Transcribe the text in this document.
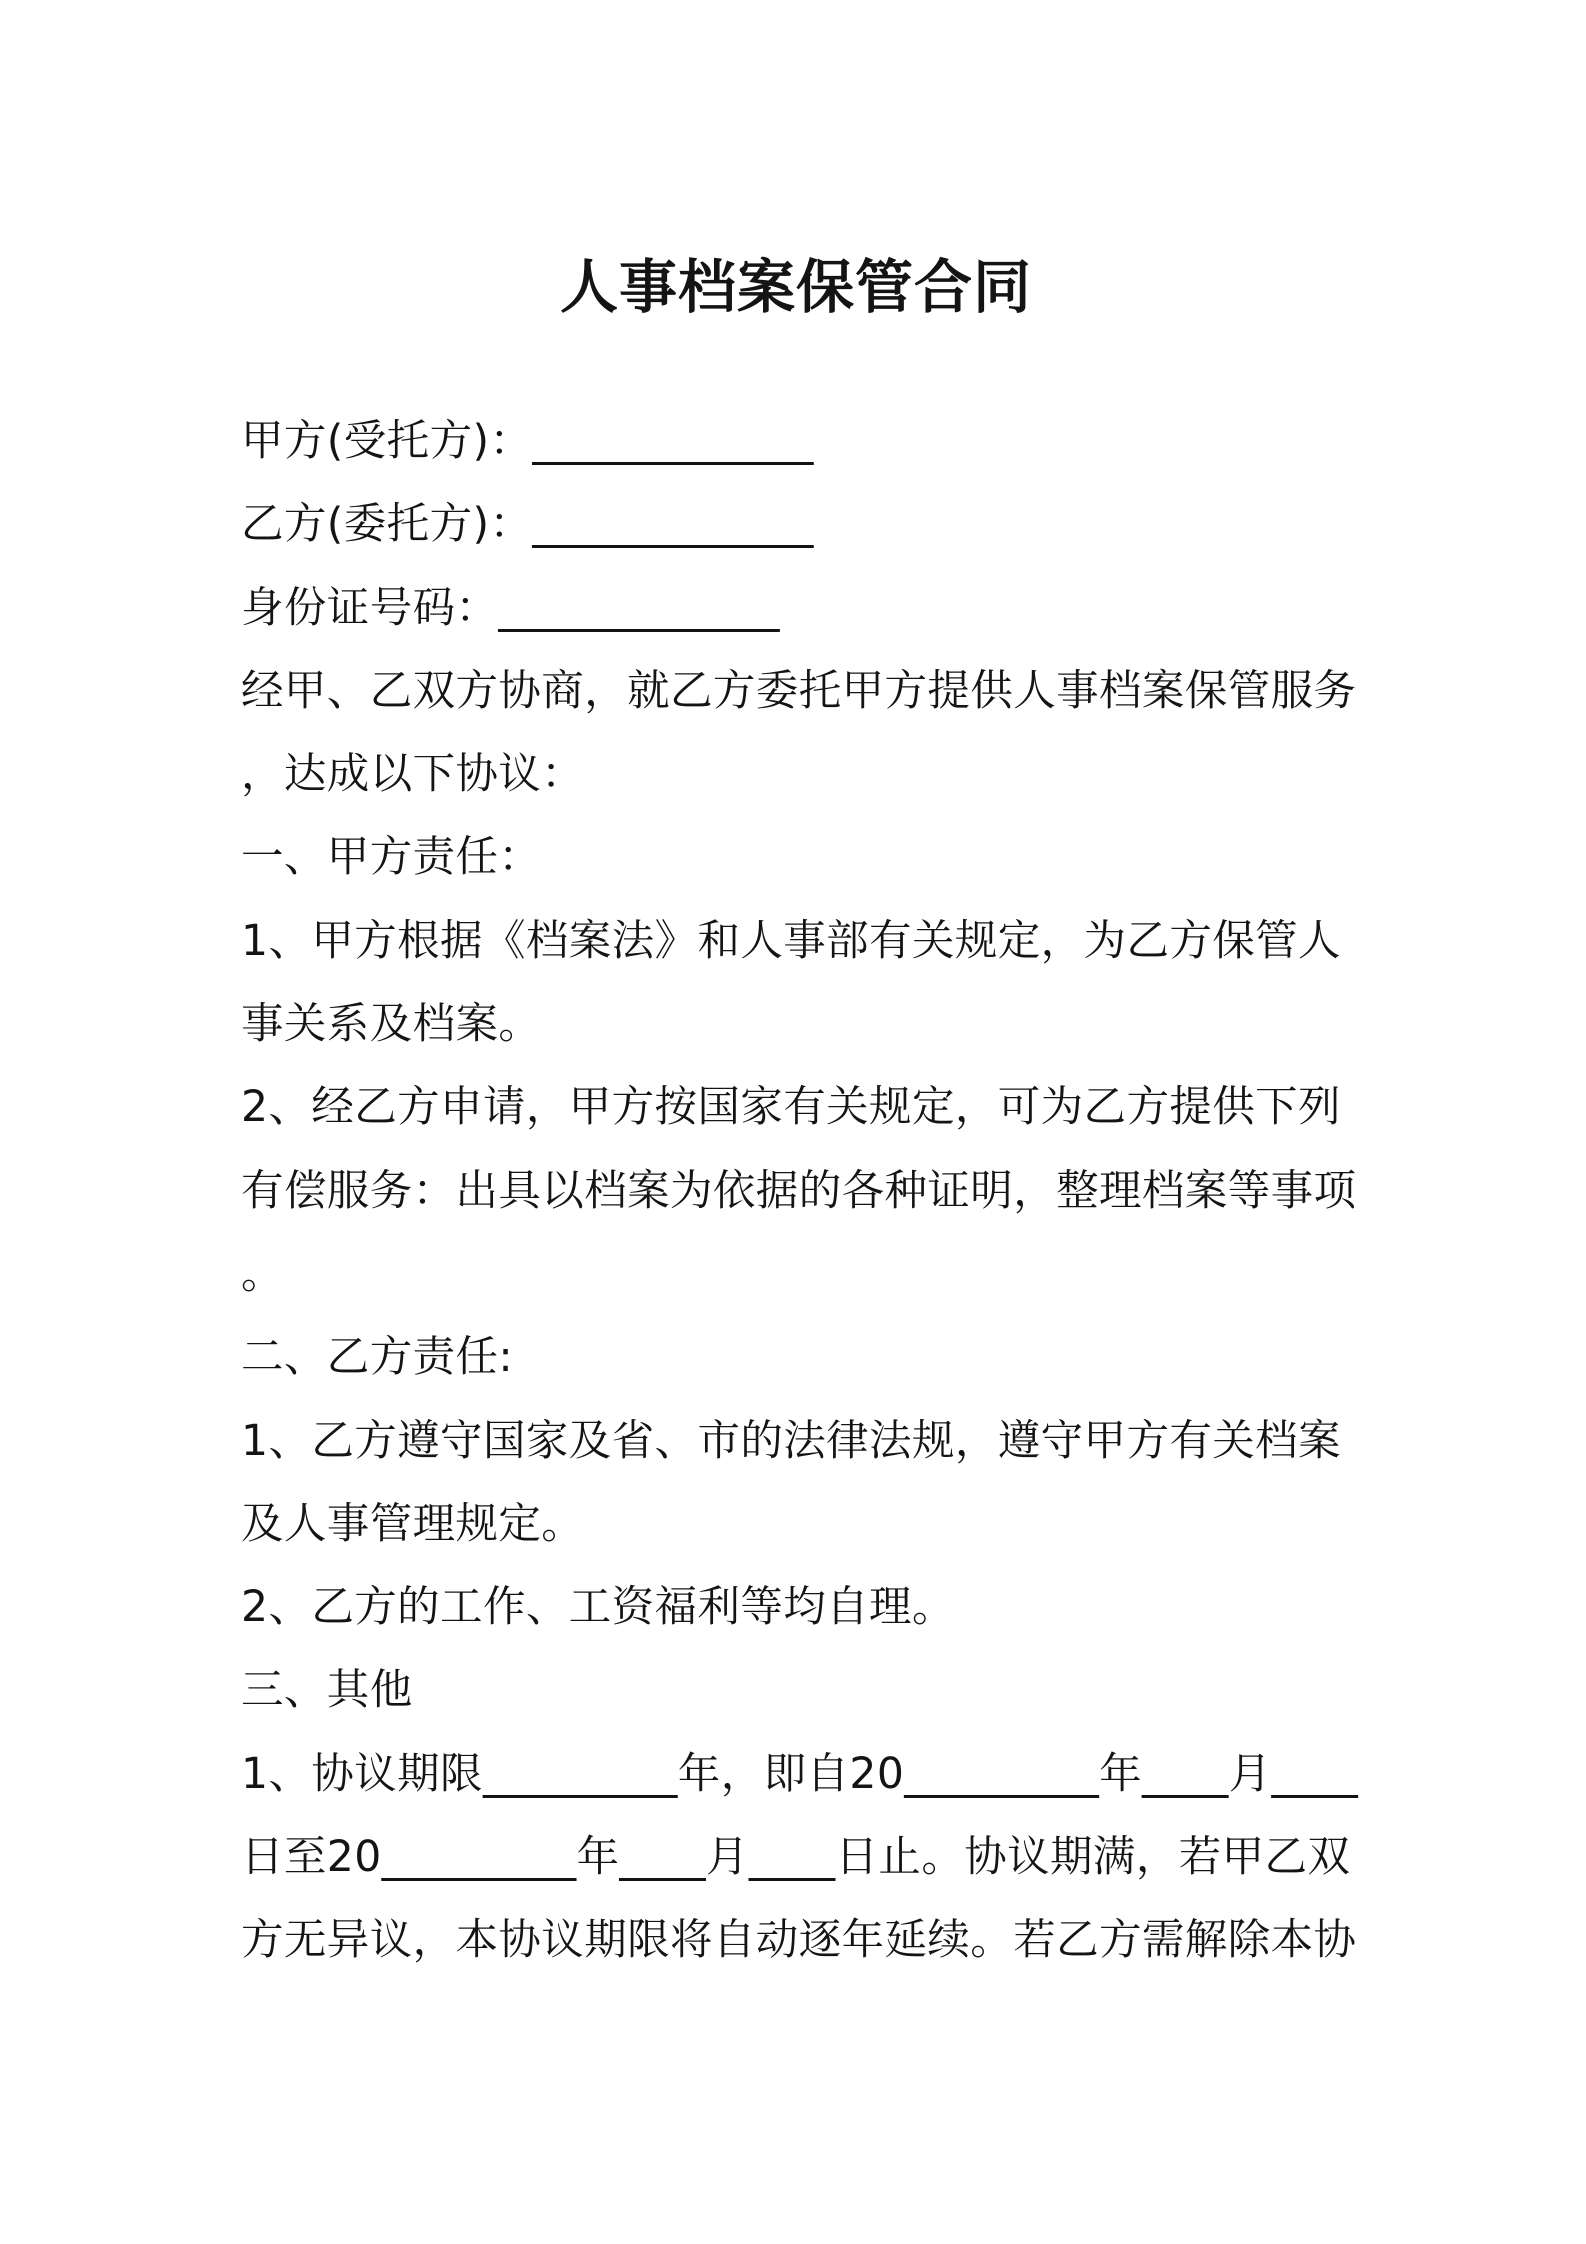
人事档案保管合同
甲方(受托方)：_____________
乙方(委托方)：_____________
身份证号码：_____________
经甲、乙双方协商，就乙方委托甲方提供人事档案保管服务
，达成以下协议：
一、甲方责任：
1、甲方根据《档案法》和人事部有关规定，为乙方保管人
事关系及档案。
2、经乙方申请，甲方按国家有关规定，可为乙方提供下列
有偿服务：出具以档案为依据的各种证明，整理档案等事项
。
二、乙方责任:
1、乙方遵守国家及省、市的法律法规，遵守甲方有关档案
及人事管理规定。
2、乙方的工作、工资福利等均自理。
三、其他
1、协议期限_________年，即自20_________年____月____
日至20_________年____月____日止。协议期满，若甲乙双
方无异议，本协议期限将自动逐年延续。若乙方需解除本协
